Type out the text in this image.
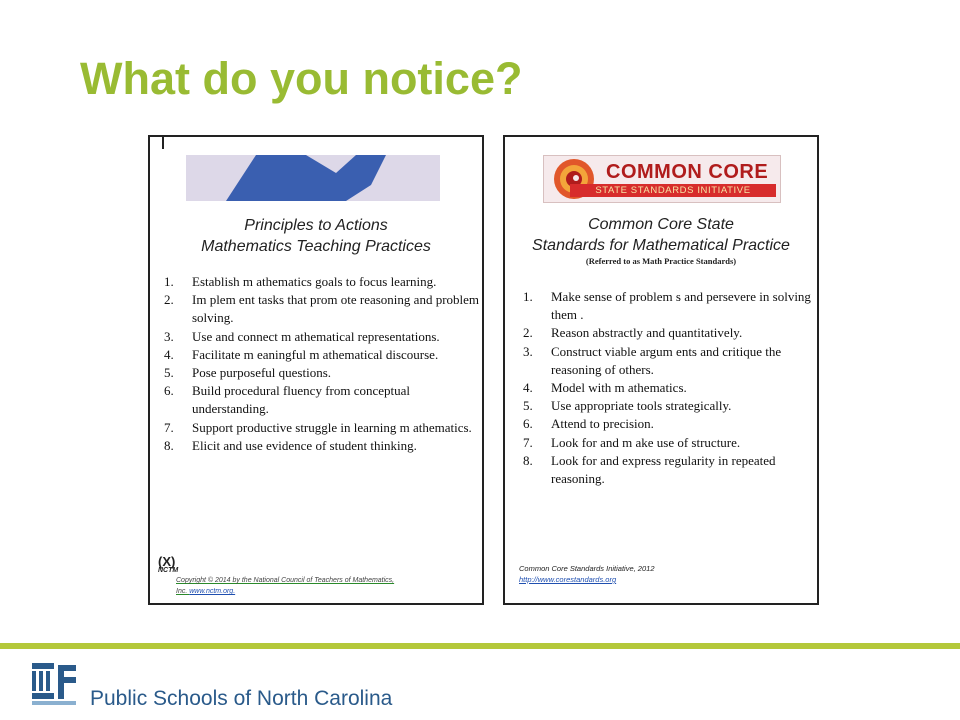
What do you notice?
Principles to Actions
Mathematics Teaching Practices
1.	Establish m athematics goals to focus learning.
2.	Im plem ent tasks that prom ote reasoning and problem solving.
3.	Use and connect m athematical representations.
4.	Facilitate m eaningful m athematical discourse.
5.	Pose purposeful questions.
6.	Build procedural fluency from conceptual understanding.
7.	Support productive struggle in learning m athematics.
8.	Elicit and use evidence of student thinking.
(X)
NCTM
Copyright © 2014 by the National Council of Teachers of Mathematics,
Inc. www.nctm.org.
COMMON CORE
STATE STANDARDS INITIATIVE
Common Core State
Standards for Mathematical Practice
(Referred to as Math Practice Standards)
1.	Make sense of problem s and persevere in solving them .
2.	Reason abstractly and quantitatively.
3.	Construct viable argum ents and critique the reasoning of others.
4.	Model with m athematics.
5.	Use appropriate tools strategically.
6.	Attend to precision.
7.	Look for and m ake use of structure.
8.	Look for and express regularity in repeated reasoning.
Common Core Standards Initiative, 2012
http://www.corestandards.org
Public Schools of North Carolina
